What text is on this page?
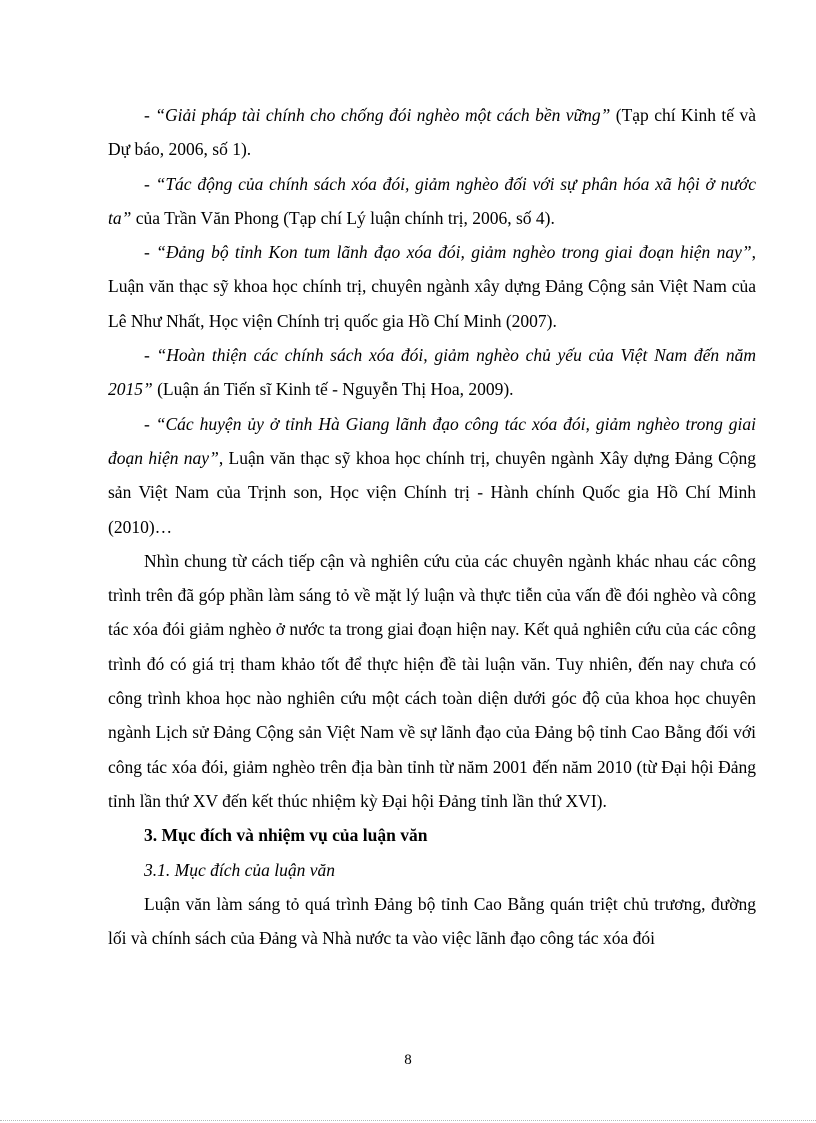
- “Giải pháp tài chính cho chống đói nghèo một cách bền vững” (Tạp chí Kinh tế và Dự báo, 2006, số 1).

- “Tác động của chính sách xóa đói, giảm nghèo đối với sự phân hóa xã hội ở nước ta” của Trần Văn Phong (Tạp chí Lý luận chính trị, 2006, số 4).

- “Đảng bộ tỉnh Kon tum lãnh đạo xóa đói, giảm nghèo trong giai đoạn hiện nay”, Luận văn thạc sỹ khoa học chính trị, chuyên ngành xây dựng Đảng Cộng sản Việt Nam của Lê Như Nhất, Học viện Chính trị quốc gia Hồ Chí Minh (2007).

- “Hoàn thiện các chính sách xóa đói, giảm nghèo chủ yếu của Việt Nam đến năm 2015” (Luận án Tiến sĩ Kinh tế - Nguyễn Thị Hoa, 2009).

- “Các huyện ủy ở tỉnh Hà Giang lãnh đạo công tác xóa đói, giảm nghèo trong giai đoạn hiện nay”, Luận văn thạc sỹ khoa học chính trị, chuyên ngành Xây dựng Đảng Cộng sản Việt Nam của Trịnh son, Học viện Chính trị - Hành chính Quốc gia Hồ Chí Minh (2010)…

Nhìn chung từ cách tiếp cận và nghiên cứu của các chuyên ngành khác nhau các công trình trên đã góp phần làm sáng tỏ về mặt lý luận và thực tiễn của vấn đề đói nghèo và công tác xóa đói giảm nghèo ở nước ta trong giai đoạn hiện nay. Kết quả nghiên cứu của các công trình đó có giá trị tham khảo tốt để thực hiện đề tài luận văn. Tuy nhiên, đến nay chưa có công trình khoa học nào nghiên cứu một cách toàn diện dưới góc độ của khoa học chuyên ngành Lịch sử Đảng Cộng sản Việt Nam về sự lãnh đạo của Đảng bộ tỉnh Cao Bằng đối với công tác xóa đói, giảm nghèo trên địa bàn tỉnh từ năm 2001 đến năm 2010 (từ Đại hội Đảng tỉnh lần thứ XV đến kết thúc nhiệm kỳ Đại hội Đảng tỉnh lần thứ XVI).

3. Mục đích và nhiệm vụ của luận văn

3.1. Mục đích của luận văn

Luận văn làm sáng tỏ quá trình Đảng bộ tỉnh Cao Bằng quán triệt chủ trương, đường lối và chính sách của Đảng và Nhà nước ta vào việc lãnh đạo công tác xóa đói

8
